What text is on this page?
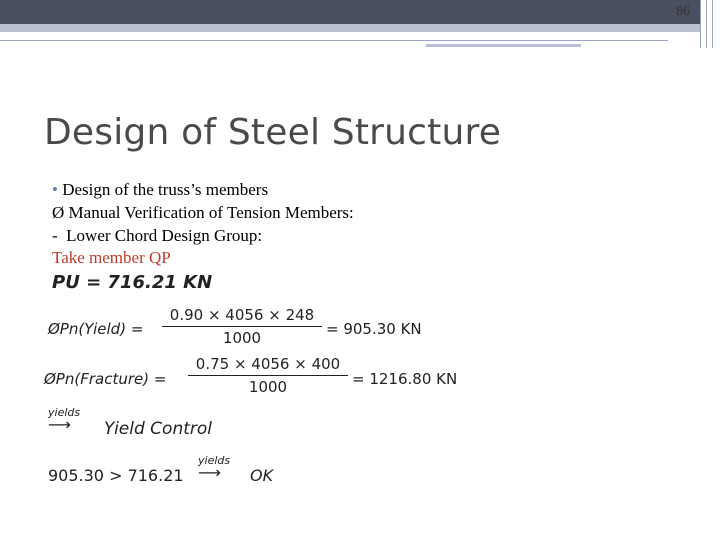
86
Design of Steel Structure
• Design of the truss’s members
Ø Manual Verification of Tension Members:
- Lower Chord Design Group:
Take member QP
PU = 716.21 KN
ØPn(Yield) = $\frac{0.90 \times 4056 \times 248}{1000} = 905.30$ KN
ØPn(Fracture) = $\frac{0.75 \times 4056 \times 400}{1000} = 1216.80$ KN
yields
⟶	Yield Control
905.30 > 716.21
yields
⟶	OK
